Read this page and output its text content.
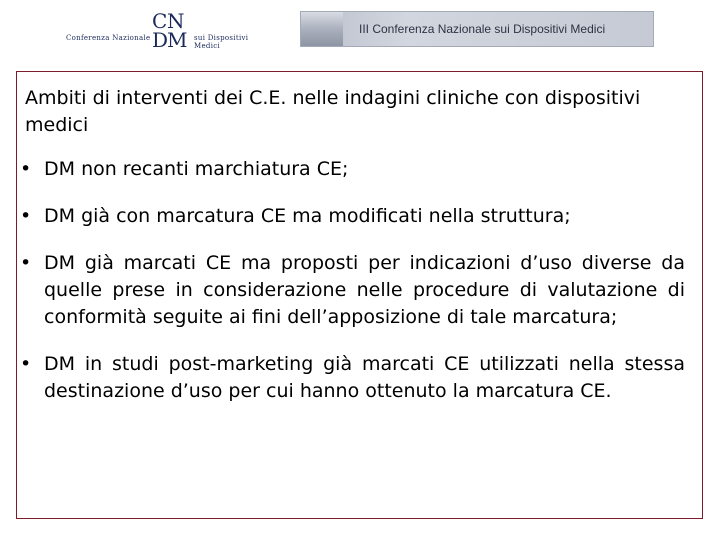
Conferenza Nazionale
C N
D
M sui Dispositivi Medici
III Conferenza Nazionale sui Dispositivi Medici
Ambiti di interventi dei C.E. nelle indagini cliniche con dispositivi medici
• DM non recanti marchiatura CE;
• DM già con marcatura CE ma modificati nella struttura;
• DM già marcati CE ma proposti per indicazioni d’uso diverse da quelle prese in considerazione nelle procedure di valutazione di conformità seguite ai fini dell’apposizione di tale marcatura;
• DM in studi post-marketing già marcati CE utilizzati nella stessa destinazione d’uso per cui hanno ottenuto la marcatura CE.
